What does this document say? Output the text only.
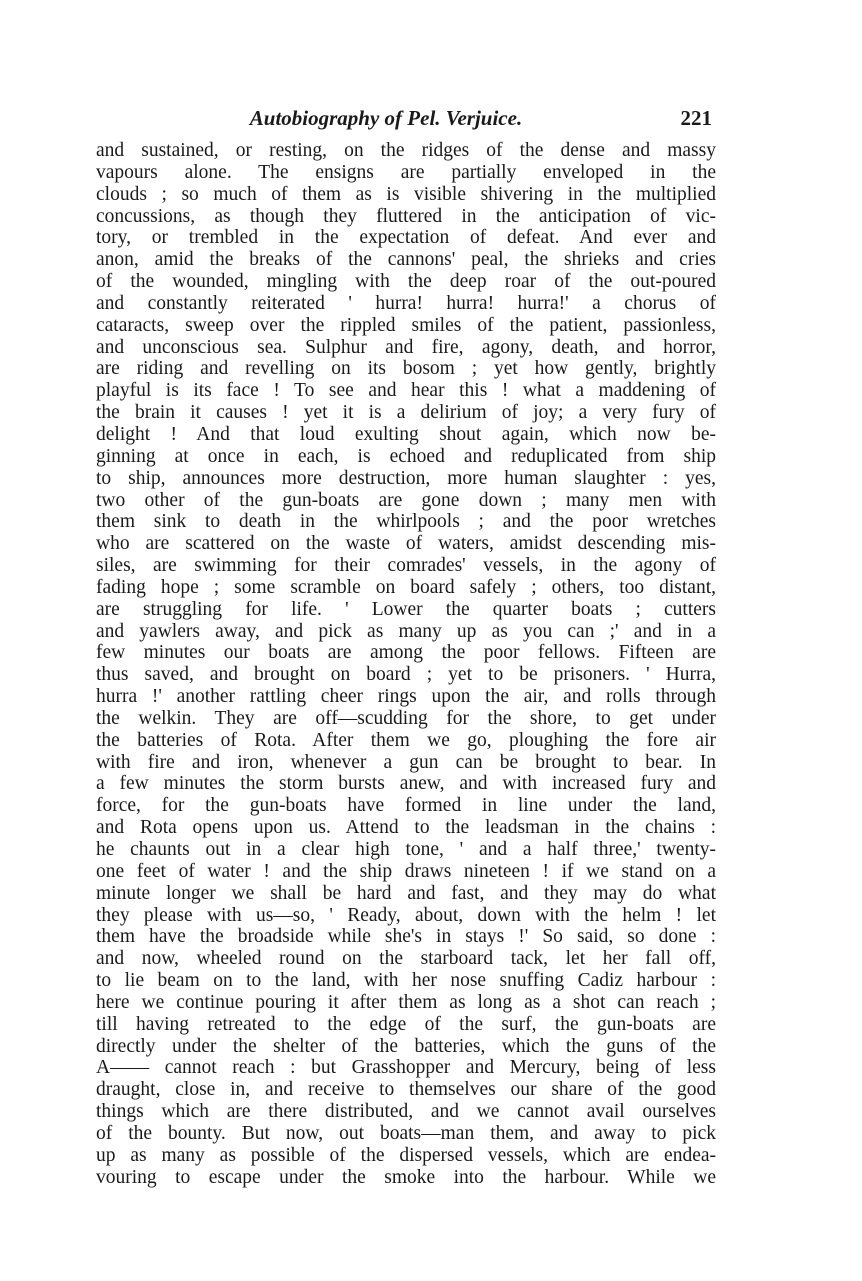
Autobiography of Pel. Verjuice.	221
and sustained, or resting, on the ridges of the dense and massy
vapours alone. The ensigns are partially enveloped in the
clouds ; so much of them as is visible shivering in the multiplied
concussions, as though they fluttered in the anticipation of vic-
tory, or trembled in the expectation of defeat. And ever and
anon, amid the breaks of the cannons' peal, the shrieks and cries
of the wounded, mingling with the deep roar of the out-poured
and constantly reiterated ' hurra! hurra! hurra!' a chorus of
cataracts, sweep over the rippled smiles of the patient, passionless,
and unconscious sea. Sulphur and fire, agony, death, and horror,
are riding and revelling on its bosom ; yet how gently, brightly
playful is its face ! To see and hear this ! what a maddening of
the brain it causes ! yet it is a delirium of joy; a very fury of
delight ! And that loud exulting shout again, which now be-
ginning at once in each, is echoed and reduplicated from ship
to ship, announces more destruction, more human slaughter : yes,
two other of the gun-boats are gone down ; many men with
them sink to death in the whirlpools ; and the poor wretches
who are scattered on the waste of waters, amidst descending mis-
siles, are swimming for their comrades' vessels, in the agony of
fading hope ; some scramble on board safely ; others, too distant,
are struggling for life. ' Lower the quarter boats ; cutters
and yawlers away, and pick as many up as you can ;' and in a
few minutes our boats are among the poor fellows. Fifteen are
thus saved, and brought on board ; yet to be prisoners. ' Hurra,
hurra !' another rattling cheer rings upon the air, and rolls through
the welkin. They are off—scudding for the shore, to get under
the batteries of Rota. After them we go, ploughing the fore air
with fire and iron, whenever a gun can be brought to bear. In
a few minutes the storm bursts anew, and with increased fury and
force, for the gun-boats have formed in line under the land,
and Rota opens upon us. Attend to the leadsman in the chains :
he chaunts out in a clear high tone, ' and a half three,' twenty-
one feet of water ! and the ship draws nineteen ! if we stand on a
minute longer we shall be hard and fast, and they may do what
they please with us—so, ' Ready, about, down with the helm ! let
them have the broadside while she's in stays !' So said, so done :
and now, wheeled round on the starboard tack, let her fall off,
to lie beam on to the land, with her nose snuffing Cadiz harbour :
here we continue pouring it after them as long as a shot can reach ;
till having retreated to the edge of the surf, the gun-boats are
directly under the shelter of the batteries, which the guns of the
A—— cannot reach : but Grasshopper and Mercury, being of less
draught, close in, and receive to themselves our share of the good
things which are there distributed, and we cannot avail ourselves
of the bounty. But now, out boats—man them, and away to pick
up as many as possible of the dispersed vessels, which are endea-
vouring to escape under the smoke into the harbour. While we
